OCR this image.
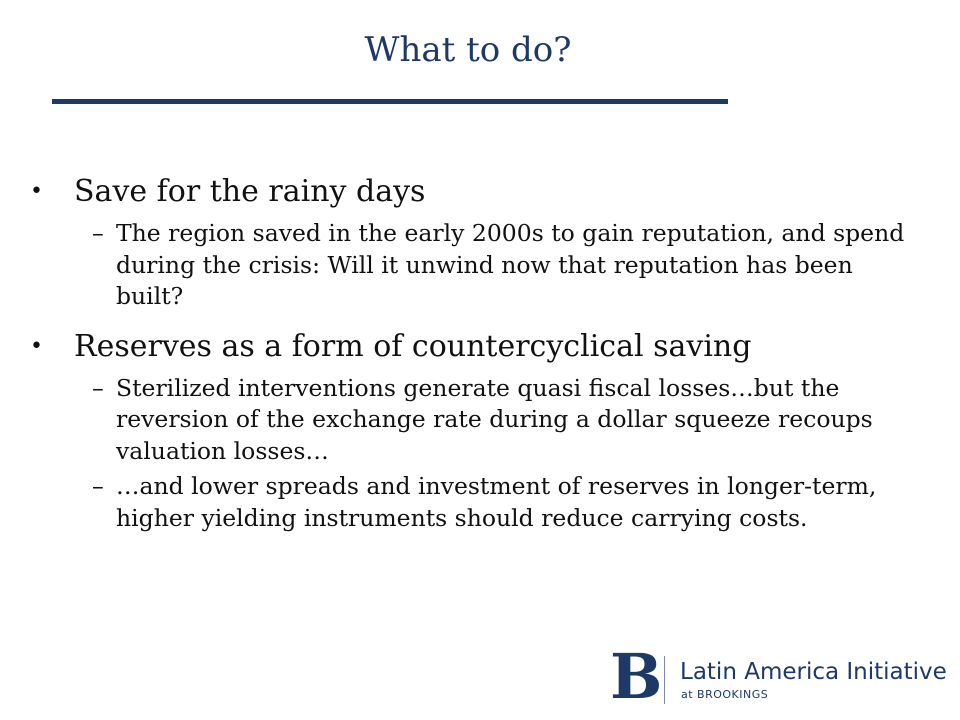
What to do?

•	Save for the rainy days

– The region saved in the early 2000s to gain reputation, and spend during the crisis: Will it unwind now that reputation has been built?

•	Reserves as a form of countercyclical saving

– Sterilized interventions generate quasi fiscal losses…but the reversion of the exchange rate during a dollar squeeze recoups valuation losses…

– …and lower spreads and investment of reserves in longer-term, higher yielding instruments should reduce carrying costs.

B Latin America Initiative
at BROOKINGS
